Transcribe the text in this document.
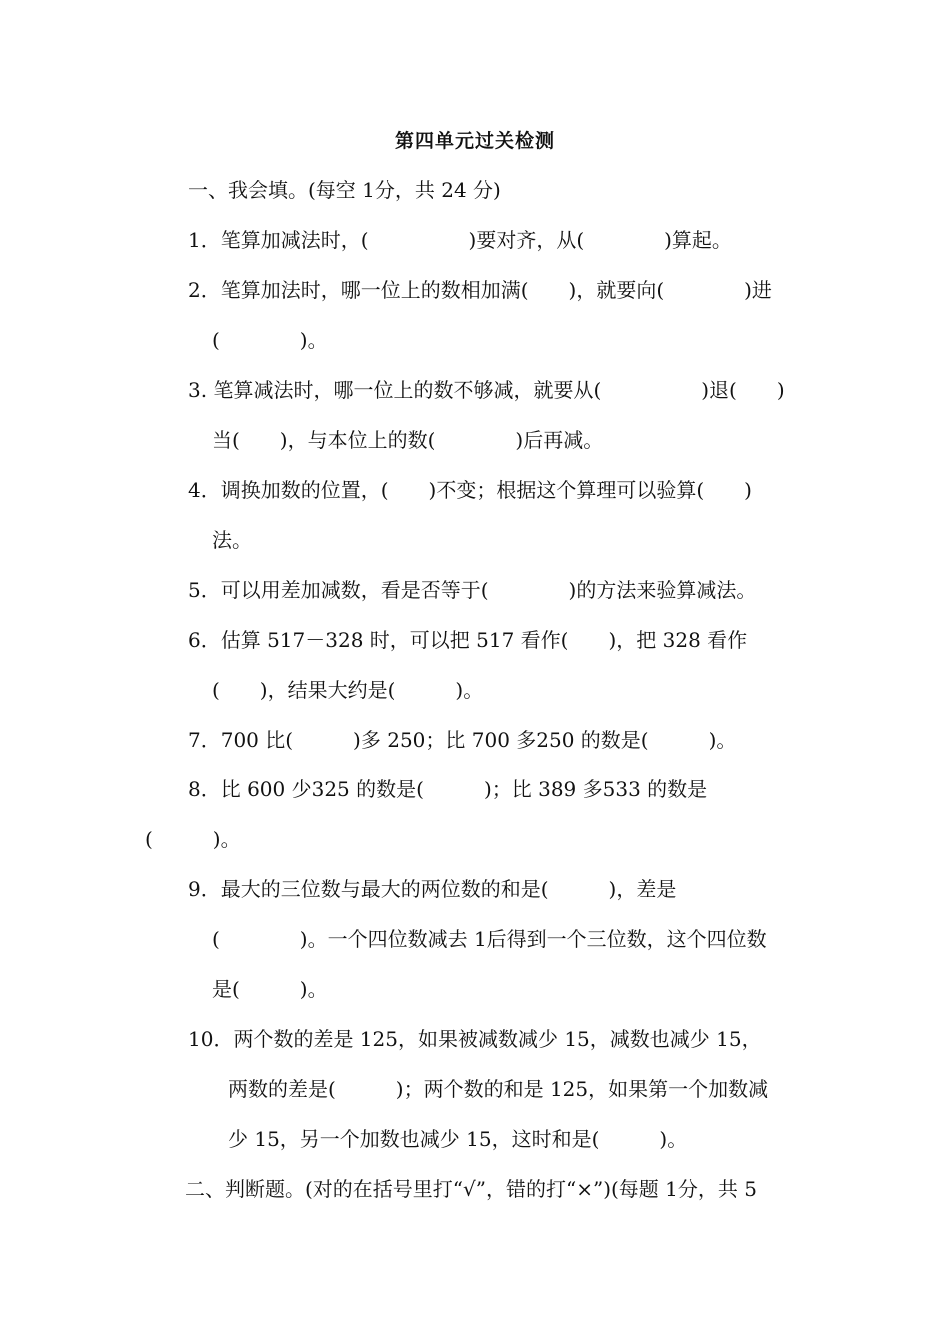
第四单元过关检测
一、我会填。(每空 1分，共 24 分)
1．笔算加减法时，(　　　　　)要对齐，从(　　　　)算起。
2．笔算加法时，哪一位上的数相加满(　　)，就要向(　　　　)进
(　　　　)。
3. 笔算减法时，哪一位上的数不够减，就要从(　　　　　)退(　　)
当(　　)，与本位上的数(　　　　)后再减。
4．调换加数的位置，(　　)不变；根据这个算理可以验算(　　)
法。
5．可以用差加减数，看是否等于(　　　　)的方法来验算减法。
6．估算 517－328 时，可以把 517 看作(　　)，把 328 看作
(　　)，结果大约是(　　　)。
7．700 比(　　　)多 250；比 700 多250 的数是(　　　)。
8．比 600 少325 的数是(　　　)；比 389 多533 的数是
(　　　)。
9．最大的三位数与最大的两位数的和是(　　　)，差是
(　　　　)。一个四位数减去 1后得到一个三位数，这个四位数
是(　　　)。
10．两个数的差是 125，如果被减数减少 15，减数也减少 15，
两数的差是(　　　)；两个数的和是 125，如果第一个加数减
少 15，另一个加数也减少 15，这时和是(　　　)。
二、判断题。(对的在括号里打“√”，错的打“×”)(每题 1分，共 5
